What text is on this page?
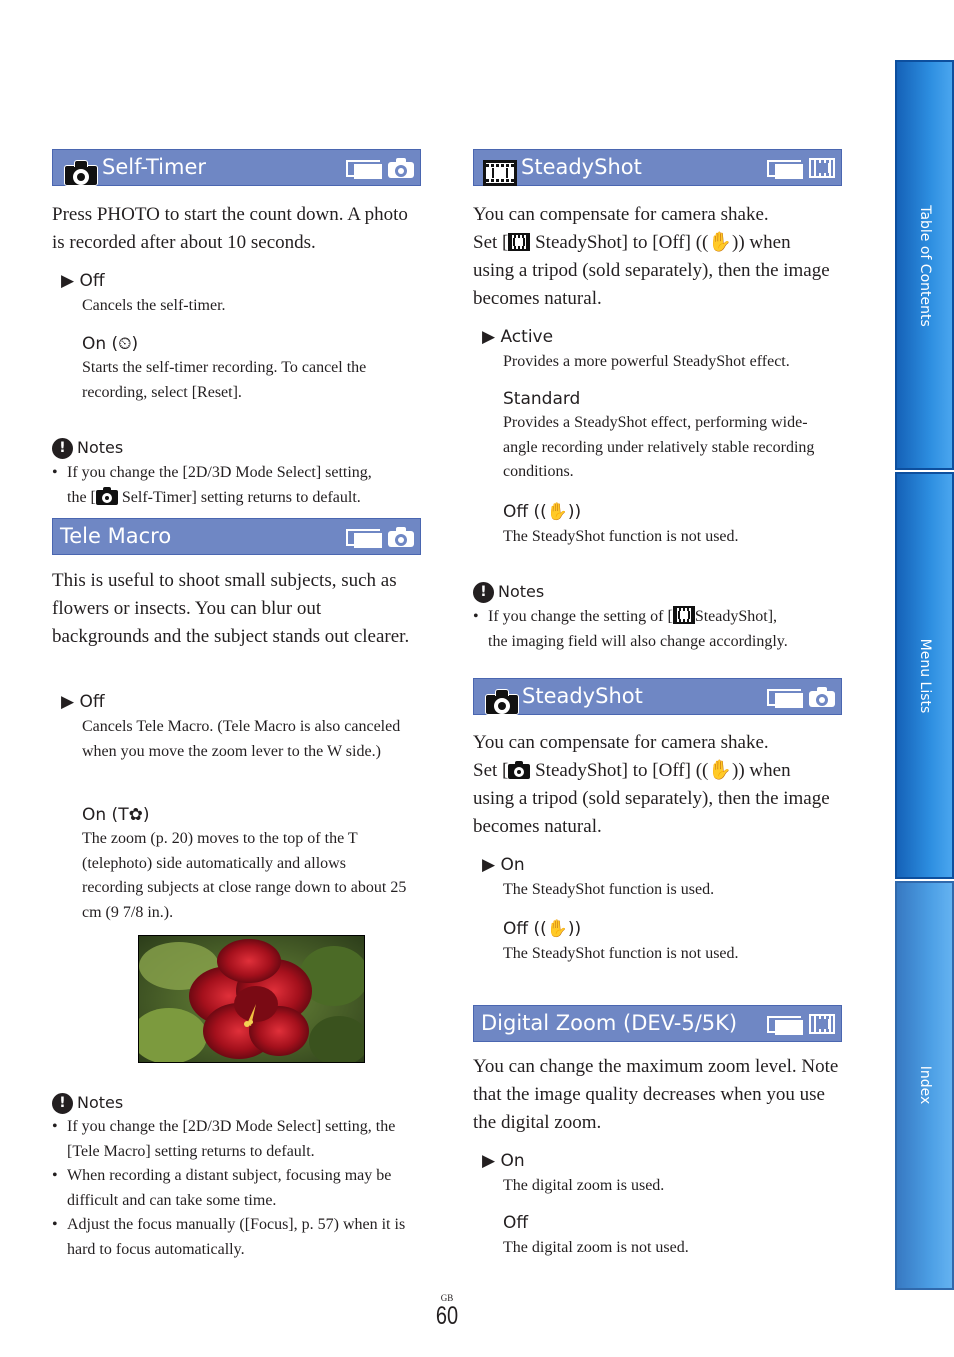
Self-Timer
Press PHOTO to start the count down. A photo is recorded after about 10 seconds.
▶ Off
Cancels the self-timer.
On (⏲)
Starts the self-timer recording. To cancel the recording, select [Reset].
! Notes
• If you change the [2D/3D Mode Select] setting,
the [ Self-Timer] setting returns to default.
Tele Macro
This is useful to shoot small subjects, such as flowers or insects. You can blur out backgrounds and the subject stands out clearer.
▶ Off
Cancels Tele Macro. (Tele Macro is also canceled when you move the zoom lever to the W side.)
On (T✿)
The zoom (p. 20) moves to the top of the T (telephoto) side automatically and allows recording subjects at close range down to about 25 cm (9 7/8 in.).
! Notes
• If you change the [2D/3D Mode Select] setting, the [Tele Macro] setting returns to default.
• When recording a distant subject, focusing may be difficult and can take some time.
• Adjust the focus manually ([Focus], p. 57) when it is hard to focus automatically.
SteadyShot
You can compensate for camera shake.
Set [ SteadyShot] to [Off] ((✋)) when
using a tripod (sold separately), then the image becomes natural.
▶ Active
Provides a more powerful SteadyShot effect.
Standard
Provides a SteadyShot effect, performing wide-angle recording under relatively stable recording conditions.
Off ((✋))
The SteadyShot function is not used.
! Notes
• If you change the setting of [ SteadyShot],
the imaging field will also change accordingly.
SteadyShot
You can compensate for camera shake.
Set [ SteadyShot] to [Off] ((✋)) when
using a tripod (sold separately), then the image becomes natural.
▶ On
The SteadyShot function is used.
Off ((✋))
The SteadyShot function is not used.
Digital Zoom (DEV-5/5K)
You can change the maximum zoom level. Note that the image quality decreases when you use the digital zoom.
▶ On
The digital zoom is used.
Off
The digital zoom is not used.
Table of Contents
Menu Lists
Index
GB
60
